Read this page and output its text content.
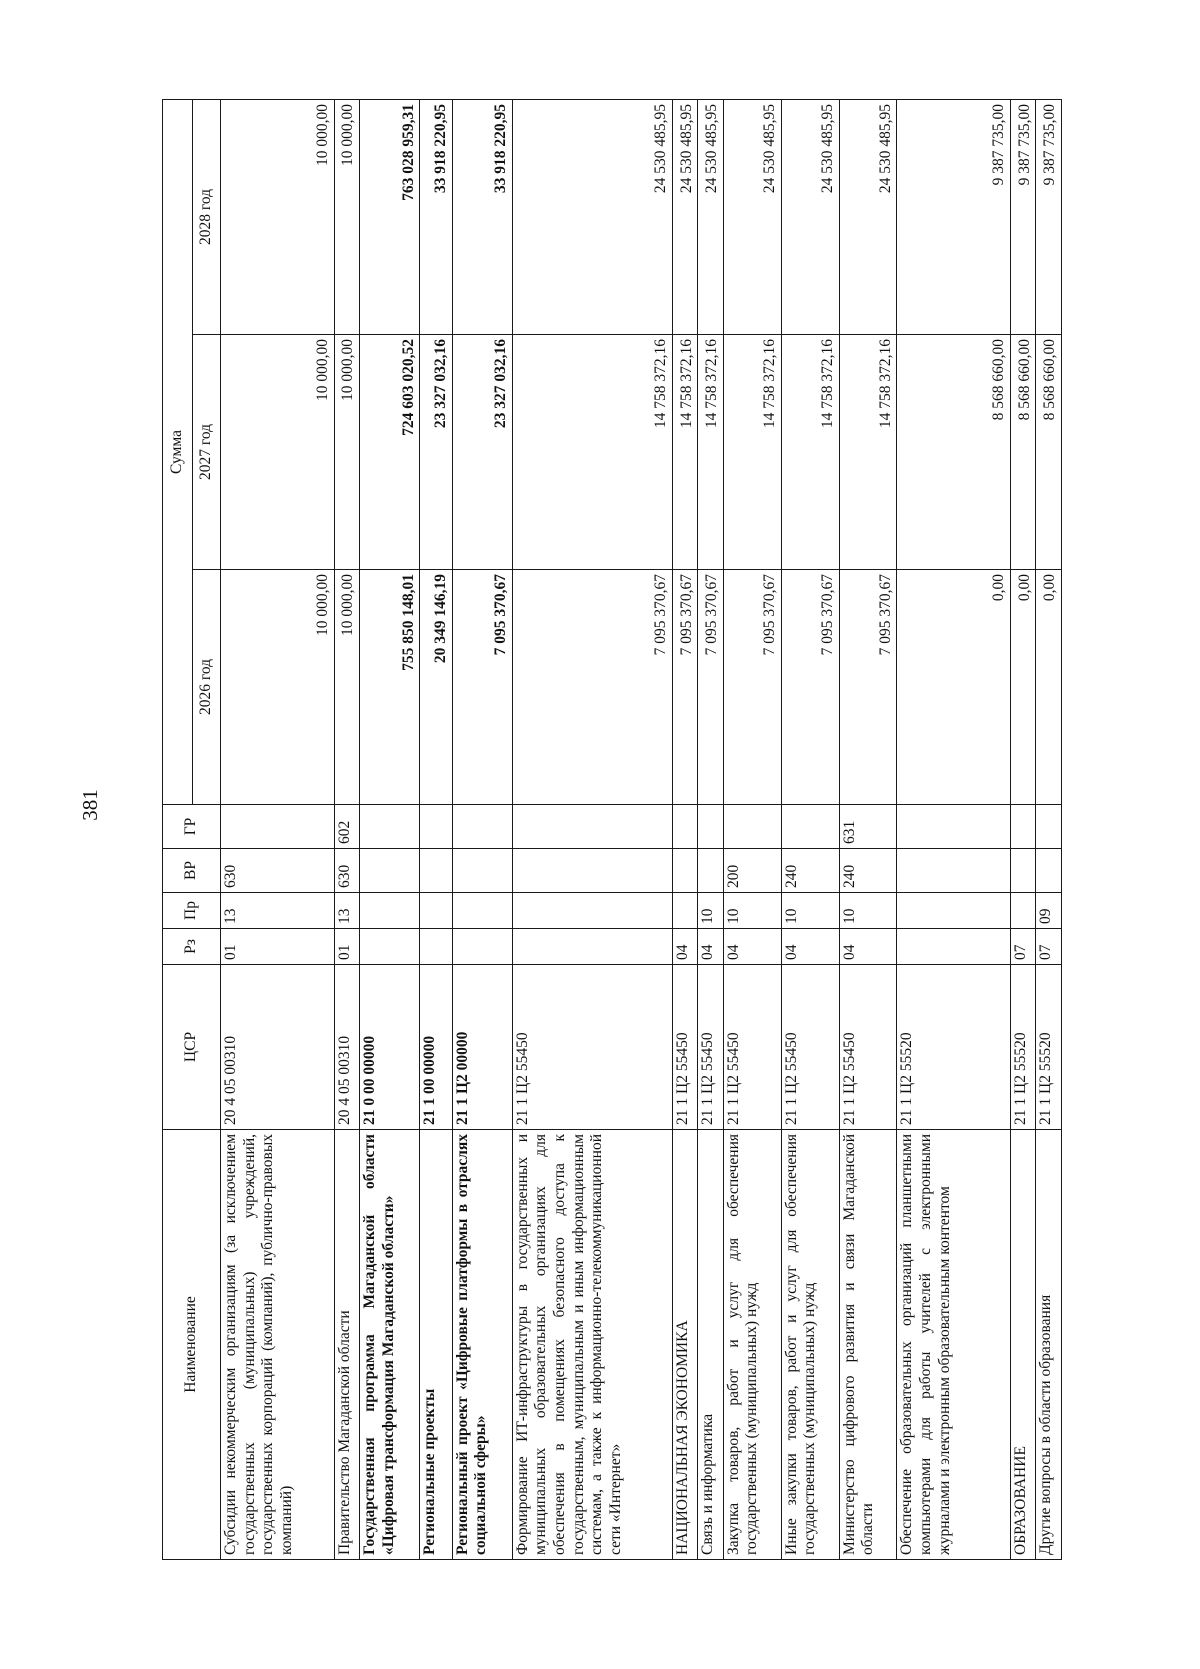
381
Наименование	ЦСР	Рз	Пр	ВР	ГР	Сумма		
						2026 год	2027 год	2028 год
Субсидии некоммерческим организациям (за исключением государственных (муниципальных) учреждений, государственных корпораций (компаний), публично-правовых компаний)	20 4 05 00310	01	13	630		10 000,00	10 000,00	10 000,00
Правительство Магаданской области	20 4 05 00310	01	13	630	602	10 000,00	10 000,00	10 000,00
Государственная программа Магаданской области «Цифровая трансформация Магаданской области»	21 0 00 00000					755 850 148,01	724 603 020,52	763 028 959,31
Региональные проекты	21 1 00 00000					20 349 146,19	23 327 032,16	33 918 220,95
Региональный проект «Цифровые платформы в отраслях социальной сферы»	21 1 Ц2 00000					7 095 370,67	23 327 032,16	33 918 220,95
Формирование ИТ-инфраструктуры в государственных и муниципальных образовательных организациях для обеспечения в помещениях безопасного доступа к государственным, муниципальным и иным информационным системам, а также к информационно-телекоммуникационной сети «Интернет»	21 1 Ц2 55450					7 095 370,67	14 758 372,16	24 530 485,95
НАЦИОНАЛЬНАЯ ЭКОНОМИКА	21 1 Ц2 55450	04				7 095 370,67	14 758 372,16	24 530 485,95
Связь и информатика	21 1 Ц2 55450	04	10			7 095 370,67	14 758 372,16	24 530 485,95
Закупка товаров, работ и услуг для обеспечения государственных (муниципальных) нужд	21 1 Ц2 55450	04	10	200		7 095 370,67	14 758 372,16	24 530 485,95
Иные закупки товаров, работ и услуг для обеспечения государственных (муниципальных) нужд	21 1 Ц2 55450	04	10	240		7 095 370,67	14 758 372,16	24 530 485,95
Министерство цифрового развития и связи Магаданской области	21 1 Ц2 55450	04	10	240	631	7 095 370,67	14 758 372,16	24 530 485,95
Обеспечение образовательных организаций планшетными компьютерами для работы учителей с электронными журналами и электронным образовательным контентом	21 1 Ц2 55520					0,00	8 568 660,00	9 387 735,00
ОБРАЗОВАНИЕ	21 1 Ц2 55520	07				0,00	8 568 660,00	9 387 735,00
Другие вопросы в области образования	21 1 Ц2 55520	07	09			0,00	8 568 660,00	9 387 735,00
